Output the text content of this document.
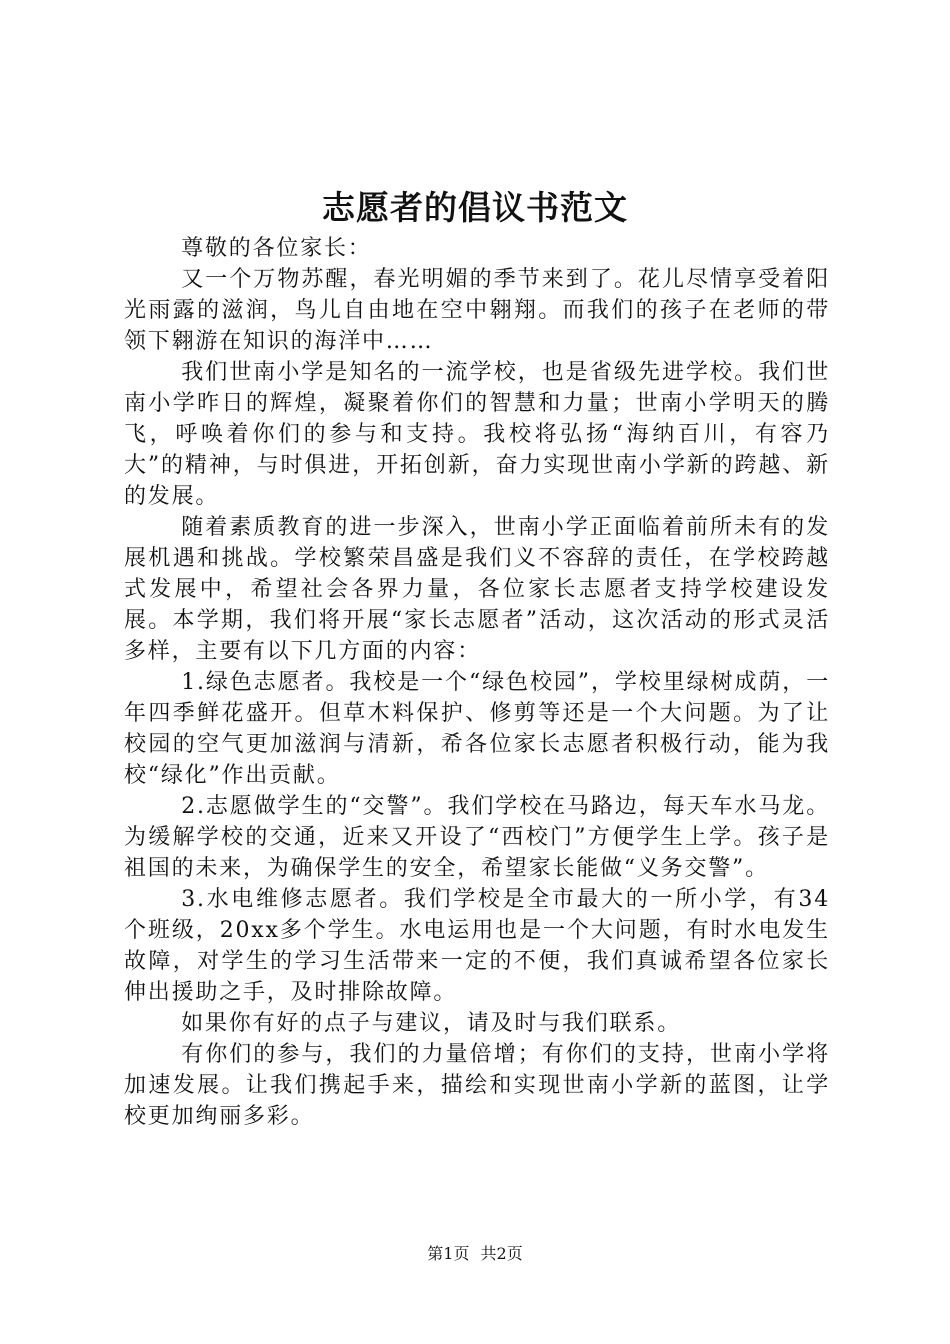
志愿者的倡议书范文

尊敬的各位家长：

又一个万物苏醒，春光明媚的季节来到了。花儿尽情享受着阳光雨露的滋润，鸟儿自由地在空中翱翔。而我们的孩子在老师的带领下翱游在知识的海洋中……

我们世南小学是知名的一流学校，也是省级先进学校。我们世南小学昨日的辉煌，凝聚着你们的智慧和力量；世南小学明天的腾飞，呼唤着你们的参与和支持。我校将弘扬“海纳百川，有容乃大”的精神，与时俱进，开拓创新，奋力实现世南小学新的跨越、新的发展。

随着素质教育的进一步深入，世南小学正面临着前所未有的发展机遇和挑战。学校繁荣昌盛是我们义不容辞的责任，在学校跨越式发展中，希望社会各界力量，各位家长志愿者支持学校建设发展。本学期，我们将开展“家长志愿者”活动，这次活动的形式灵活多样，主要有以下几方面的内容：

1.绿色志愿者。我校是一个“绿色校园”，学校里绿树成荫，一年四季鲜花盛开。但草木料保护、修剪等还是一个大问题。为了让校园的空气更加滋润与清新，希各位家长志愿者积极行动，能为我校“绿化”作出贡献。

2.志愿做学生的“交警”。我们学校在马路边，每天车水马龙。为缓解学校的交通，近来又开设了“西校门”方便学生上学。孩子是祖国的未来，为确保学生的安全，希望家长能做“义务交警”。

3.水电维修志愿者。我们学校是全市最大的一所小学，有34个班级，20xx多个学生。水电运用也是一个大问题，有时水电发生故障，对学生的学习生活带来一定的不便，我们真诚希望各位家长伸出援助之手，及时排除故障。

如果你有好的点子与建议，请及时与我们联系。

有你们的参与，我们的力量倍增；有你们的支持，世南小学将加速发展。让我们携起手来，描绘和实现世南小学新的蓝图，让学校更加绚丽多彩。

第1页 共2页
